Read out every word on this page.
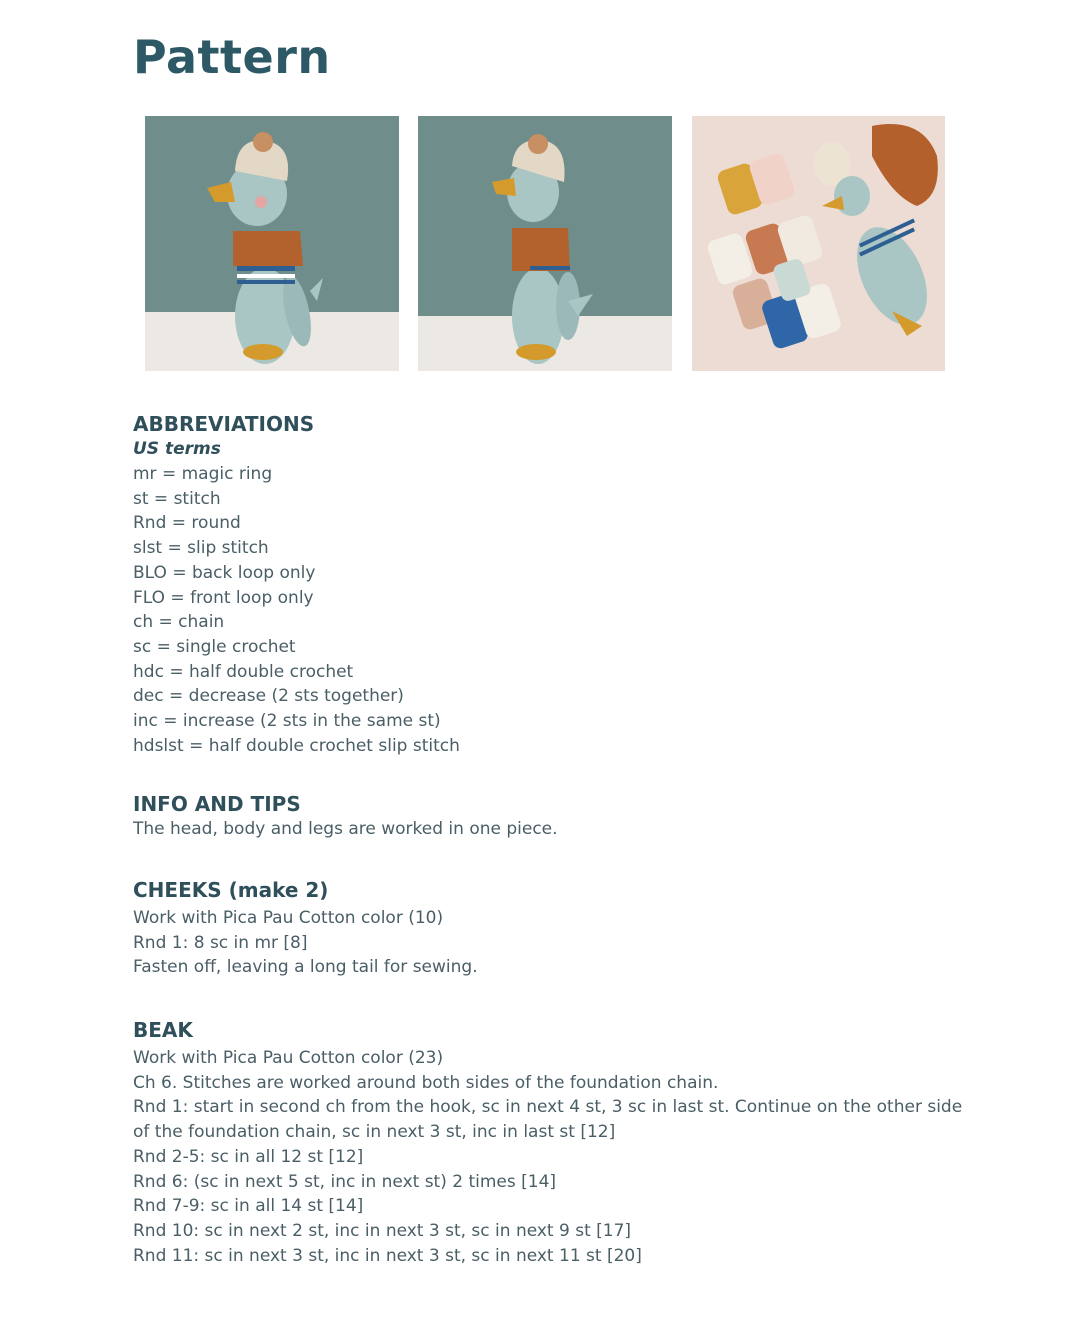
Pattern
ABBREVIATIONS
US terms
mr = magic ring
st = stitch
Rnd = round
slst = slip stitch
BLO = back loop only
FLO = front loop only
ch = chain
sc = single crochet
hdc = half double crochet
dec = decrease (2 sts together)
inc = increase (2 sts in the same st)
hdslst = half double crochet slip stitch
INFO AND TIPS
The head, body and legs are worked in one piece.
CHEEKS (make 2)
Work with Pica Pau Cotton color (10)
Rnd 1: 8 sc in mr [8]
Fasten off, leaving a long tail for sewing.
BEAK
Work with Pica Pau Cotton color (23)
Ch 6. Stitches are worked around both sides of the foundation chain.
Rnd 1: start in second ch from the hook, sc in next 4 st, 3 sc in last st. Continue on the other side
of the foundation chain, sc in next 3 st, inc in last st [12]
Rnd 2-5: sc in all 12 st [12]
Rnd 6: (sc in next 5 st, inc in next st) 2 times [14]
Rnd 7-9: sc in all 14 st [14]
Rnd 10: sc in next 2 st, inc in next 3 st, sc in next 9 st [17]
Rnd 11: sc in next 3 st, inc in next 3 st, sc in next 11 st [20]
